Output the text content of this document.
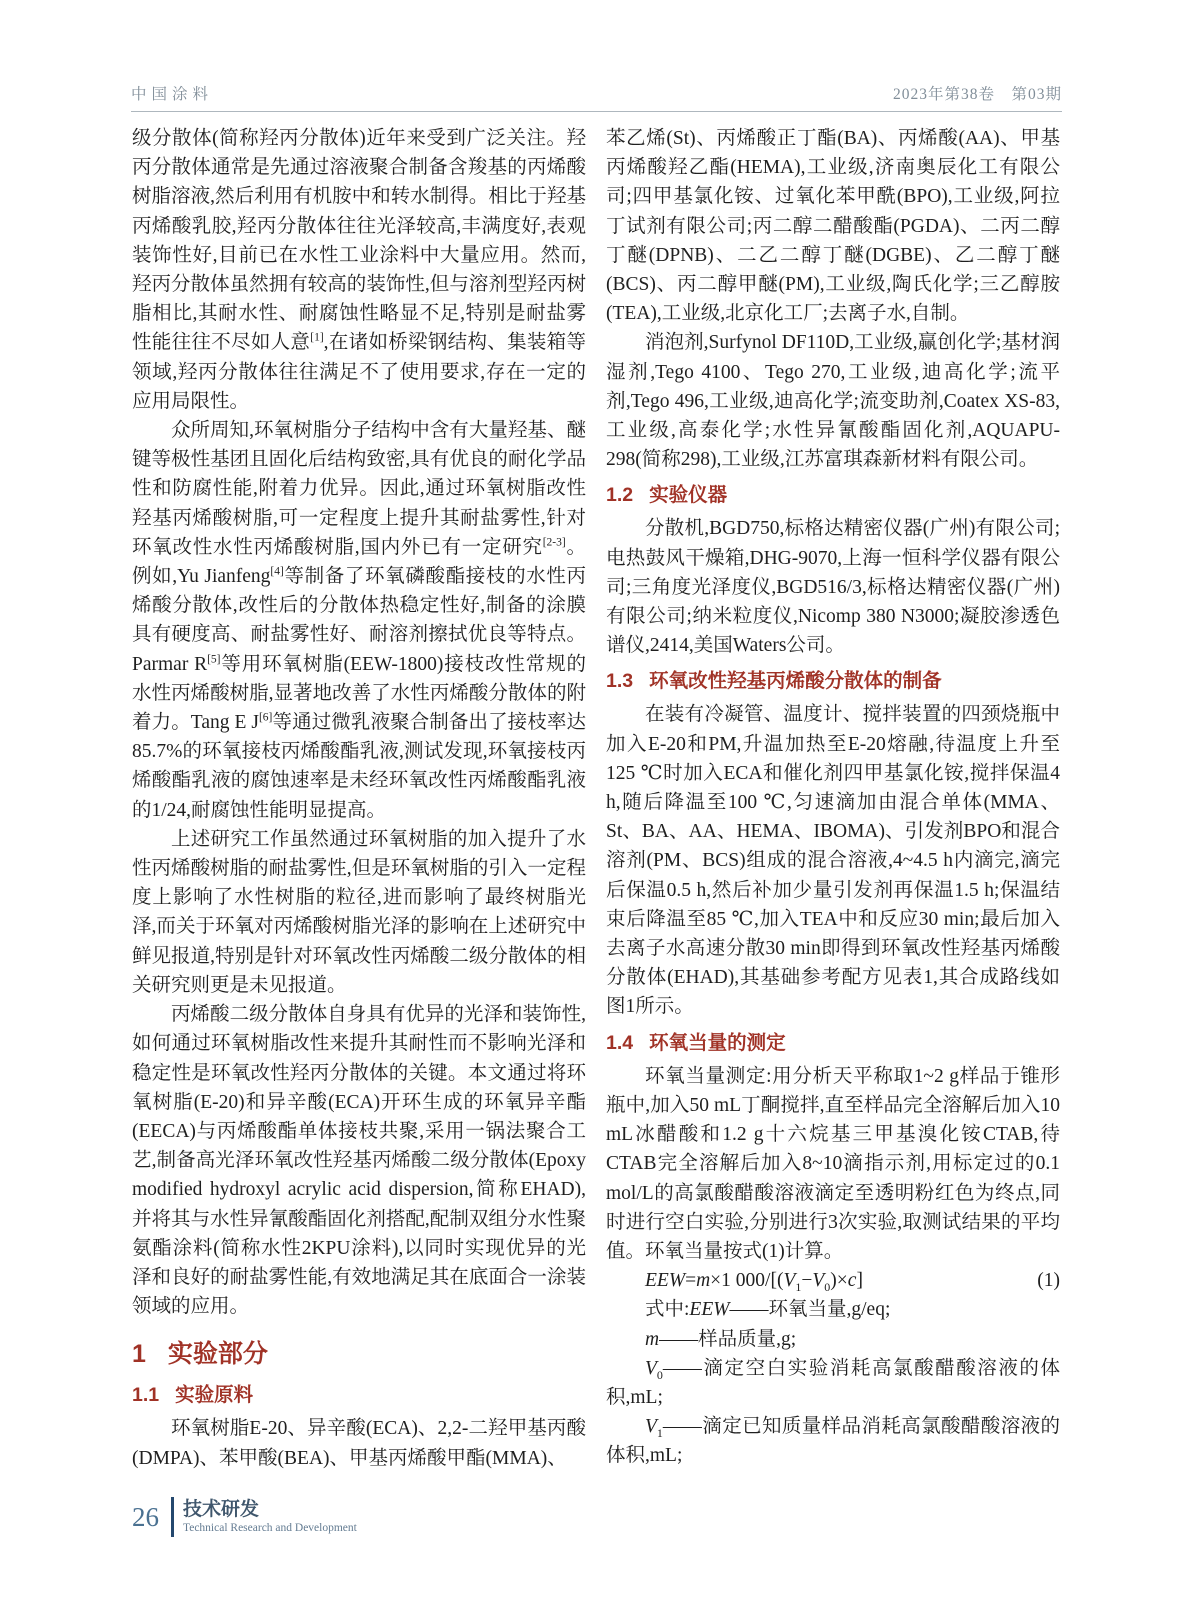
中国涂料	2023年第38卷　第03期

级分散体(简称羟丙分散体)近年来受到广泛关注。羟丙分散体通常是先通过溶液聚合制备含羧基的丙烯酸树脂溶液,然后利用有机胺中和转水制得。相比于羟基丙烯酸乳胶,羟丙分散体往往光泽较高,丰满度好,表观装饰性好,目前已在水性工业涂料中大量应用。然而,羟丙分散体虽然拥有较高的装饰性,但与溶剂型羟丙树脂相比,其耐水性、耐腐蚀性略显不足,特别是耐盐雾性能往往不尽如人意[1],在诸如桥梁钢结构、集装箱等领域,羟丙分散体往往满足不了使用要求,存在一定的应用局限性。

众所周知,环氧树脂分子结构中含有大量羟基、醚键等极性基团且固化后结构致密,具有优良的耐化学品性和防腐性能,附着力优异。因此,通过环氧树脂改性羟基丙烯酸树脂,可一定程度上提升其耐盐雾性,针对环氧改性水性丙烯酸树脂,国内外已有一定研究[2-3]。例如,Yu Jianfeng[4]等制备了环氧磷酸酯接枝的水性丙烯酸分散体,改性后的分散体热稳定性好,制备的涂膜具有硬度高、耐盐雾性好、耐溶剂擦拭优良等特点。Parmar R[5]等用环氧树脂(EEW-1800)接枝改性常规的水性丙烯酸树脂,显著地改善了水性丙烯酸分散体的附着力。Tang E J[6]等通过微乳液聚合制备出了接枝率达85.7%的环氧接枝丙烯酸酯乳液,测试发现,环氧接枝丙烯酸酯乳液的腐蚀速率是未经环氧改性丙烯酸酯乳液的1/24,耐腐蚀性能明显提高。

上述研究工作虽然通过环氧树脂的加入提升了水性丙烯酸树脂的耐盐雾性,但是环氧树脂的引入一定程度上影响了水性树脂的粒径,进而影响了最终树脂光泽,而关于环氧对丙烯酸树脂光泽的影响在上述研究中鲜见报道,特别是针对环氧改性丙烯酸二级分散体的相关研究则更是未见报道。

丙烯酸二级分散体自身具有优异的光泽和装饰性,如何通过环氧树脂改性来提升其耐性而不影响光泽和稳定性是环氧改性羟丙分散体的关键。本文通过将环氧树脂(E-20)和异辛酸(ECA)开环生成的环氧异辛酯(EECA)与丙烯酸酯单体接枝共聚,采用一锅法聚合工艺,制备高光泽环氧改性羟基丙烯酸二级分散体(Epoxy modified hydroxyl acrylic acid dispersion,简称EHAD),并将其与水性异氰酸酯固化剂搭配,配制双组分水性聚氨酯涂料(简称水性2KPU涂料),以同时实现优异的光泽和良好的耐盐雾性能,有效地满足其在底面合一涂装领域的应用。

1 实验部分
1.1 实验原料

环氧树脂E-20、异辛酸(ECA)、2,2-二羟甲基丙酸(DMPA)、苯甲酸(BEA)、甲基丙烯酸甲酯(MMA)、

苯乙烯(St)、丙烯酸正丁酯(BA)、丙烯酸(AA)、甲基丙烯酸羟乙酯(HEMA),工业级,济南奥辰化工有限公司;四甲基氯化铵、过氧化苯甲酰(BPO),工业级,阿拉丁试剂有限公司;丙二醇二醋酸酯(PGDA)、二丙二醇丁醚(DPNB)、二乙二醇丁醚(DGBE)、乙二醇丁醚(BCS)、丙二醇甲醚(PM),工业级,陶氏化学;三乙醇胺(TEA),工业级,北京化工厂;去离子水,自制。

消泡剂,Surfynol DF110D,工业级,赢创化学;基材润湿剂,Tego 4100、Tego 270,工业级,迪高化学;流平剂,Tego 496,工业级,迪高化学;流变助剂,Coatex XS-83,工业级,高泰化学;水性异氰酸酯固化剂,AQUAPU-298(简称298),工业级,江苏富琪森新材料有限公司。

1.2 实验仪器

分散机,BGD750,标格达精密仪器(广州)有限公司;电热鼓风干燥箱,DHG-9070,上海一恒科学仪器有限公司;三角度光泽度仪,BGD516/3,标格达精密仪器(广州)有限公司;纳米粒度仪,Nicomp 380 N3000;凝胶渗透色谱仪,2414,美国Waters公司。

1.3 环氧改性羟基丙烯酸分散体的制备

在装有冷凝管、温度计、搅拌装置的四颈烧瓶中加入E-20和PM,升温加热至E-20熔融,待温度上升至125 ℃时加入ECA和催化剂四甲基氯化铵,搅拌保温4 h,随后降温至100 ℃,匀速滴加由混合单体(MMA、St、BA、AA、HEMA、IBOMA)、引发剂BPO和混合溶剂(PM、BCS)组成的混合溶液,4~4.5 h内滴完,滴完后保温0.5 h,然后补加少量引发剂再保温1.5 h;保温结束后降温至85 ℃,加入TEA中和反应30 min;最后加入去离子水高速分散30 min即得到环氧改性羟基丙烯酸分散体(EHAD),其基础参考配方见表1,其合成路线如图1所示。

1.4 环氧当量的测定

环氧当量测定:用分析天平称取1~2 g样品于锥形瓶中,加入50 mL丁酮搅拌,直至样品完全溶解后加入10 mL冰醋酸和1.2 g十六烷基三甲基溴化铵CTAB,待CTAB完全溶解后加入8~10滴指示剂,用标定过的0.1 mol/L的高氯酸醋酸溶液滴定至透明粉红色为终点,同时进行空白实验,分别进行3次实验,取测试结果的平均值。环氧当量按式(1)计算。

EEW=m×1 $000/[(V_1-V_0)\times c]$	(1)

式中:EEW——环氧当量,g/eq;

m——样品质量,g;

$V_0——$滴定空白实验消耗高氯酸醋酸溶液的体积,mL;

$V_1——$滴定已知质量样品消耗高氯酸醋酸溶液的体积,mL;

26 技术研发
Technical Research and Development
